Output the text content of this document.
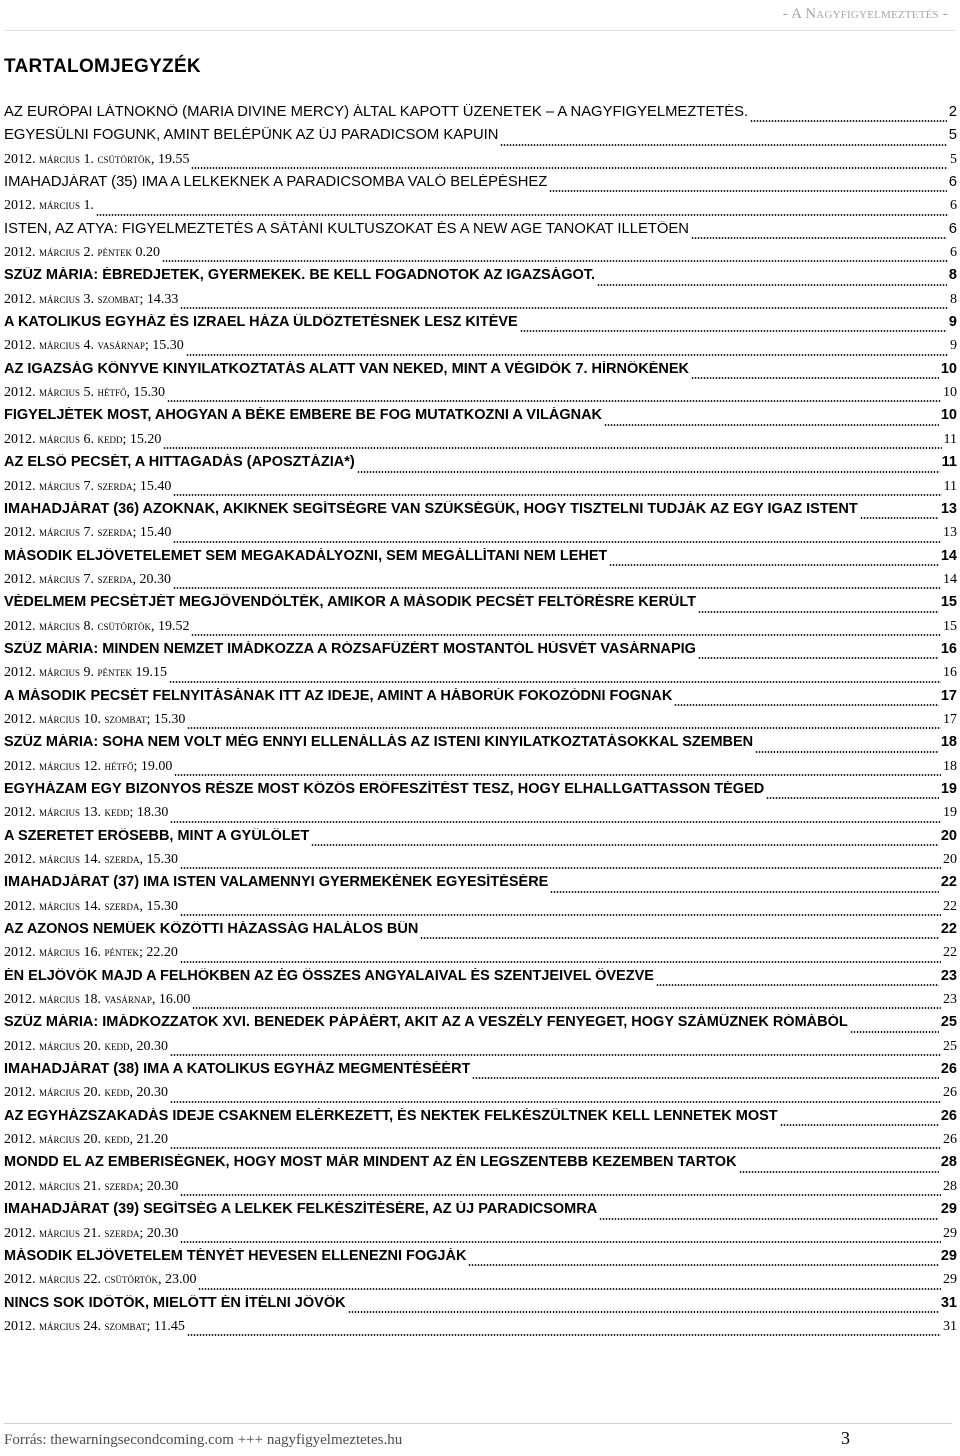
- A Nagyfigyelmeztetés -
TARTALOMJEGYZÉK
AZ EURÓPAI LÁTNOKNŐ (MARIA DIVINE MERCY) ÁLTAL KAPOTT ÜZENETEK – A NAGYFIGYELMEZTETÉS.	2
EGYESÜLNI FOGUNK, AMINT BELÉPÜNK AZ ÚJ PARADICSOM KAPUIN	5
2012. március 1. csütörtök, 19.55	5
IMAHADJÁRAT (35) IMA A LELKEKNEK A PARADICSOMBA VALÓ BELÉPÉSHEZ	6
2012. március 1.	6
ISTEN, AZ ATYA: FIGYELMEZTETÉS A SÁTÁNI KULTUSZOKAT ÉS A NEW AGE TANOKAT ILLETŐEN	6
2012. március 2. péntek 0.20	6
SZŰZ MÁRIA: ÉBREDJETEK, GYERMEKEK. BE KELL FOGADNOTOK AZ IGAZSÁGOT.	8
2012. március 3. szombat; 14.33	8
A KATOLIKUS EGYHÁZ ÉS IZRAEL HÁZA ÜLDÖZTETÉSNEK LESZ KITÉVE	9
2012. március 4. vasárnap; 15.30	9
AZ IGAZSÁG KÖNYVE KINYILATKOZTATÁS ALATT VAN NEKED, MINT A VÉGIDŐK 7. HÍRNÖKÉNEK	10
2012. március 5. hétfő, 15.30	10
FIGYELJÉTEK MOST, AHOGYAN A BÉKE EMBERE BE FOG MUTATKOZNI A VILÁGNAK	10
2012. március 6. kedd; 15.20	11
AZ ELSŐ PECSÉT, A HITTAGADÁS (APOSZTÁZIA*)	11
2012. március 7. szerda; 15.40	11
IMAHADJÁRAT (36) AZOKNAK, AKIKNEK SEGÍTSÉGRE VAN SZÜKSÉGÜK, HOGY TISZTELNI TUDJÁK AZ EGY IGAZ ISTENT	13
2012. március 7. szerda; 15.40	13
MÁSODIK ELJÖVETELEMET SEM MEGAKADÁLYOZNI, SEM MEGÁLLÍTANI NEM LEHET	14
2012. március 7. szerda, 20.30	14
VÉDELMEM PECSÉTJÉT MEGJÖVENDÖLTÉK, AMIKOR A MÁSODIK PECSÉT FELTÖRÉSRE KERÜLT	15
2012. március 8. csütörtök, 19.52	15
SZŰZ MÁRIA: MINDEN NEMZET IMÁDKOZZA A RÓZSAFÜZÉRT MOSTANTÓL HÚSVÉT VASÁRNAPIG	16
2012. március 9. péntek 19.15	16
A MÁSODIK PECSÉT FELNYITÁSÁNAK ITT AZ IDEJE, AMINT A HÁBORÚK FOKOZÓDNI FOGNAK	17
2012. március 10. szombat; 15.30	17
SZŰZ MÁRIA: SOHA NEM VOLT MÉG ENNYI ELLENÁLLÁS AZ ISTENI KINYILATKOZTATÁSOKKAL SZEMBEN	18
2012. március 12. hétfő; 19.00	18
EGYHÁZAM EGY BIZONYOS RÉSZE MOST KÖZÖS ERŐFESZÍTÉST TESZ, HOGY ELHALLGATTASSON TÉGED	19
2012. március 13. kedd; 18.30	19
A SZERETET ERŐSEBB, MINT A GYŰLÖLET	20
2012. március 14. szerda, 15.30	20
IMAHADJÁRAT (37) IMA ISTEN VALAMENNYI GYERMEKÉNEK EGYESÍTÉSÉRE	22
2012. március 14. szerda, 15.30	22
AZ AZONOS NEMŰEK KÖZÖTTI HÁZASSÁG HALÁLOS BŰN	22
2012. március 16. péntek; 22.20	22
ÉN ELJÖVÖK MAJD A FELHŐKBEN AZ ÉG ÖSSZES ANGYALAIVAL ÉS SZENTJEIVEL ÖVEZVE	23
2012. március 18. vasárnap, 16.00	23
SZŰZ MÁRIA: IMÁDKOZZATOK XVI. BENEDEK PÁPÁÉRT, AKIT AZ A VESZÉLY FENYEGET, HOGY SZÁMŰZNEK RÓMÁBÓL	25
2012. március 20. kedd, 20.30	25
IMAHADJÁRAT (38) IMA A KATOLIKUS EGYHÁZ MEGMENTÉSÉÉRT	26
2012. március 20. kedd, 20.30	26
AZ EGYHÁZSZAKADÁS IDEJE CSAKNEM ELÉRKEZETT, ÉS NEKTEK FELKÉSZÜLTNEK KELL LENNETEK MOST	26
2012. március 20. kedd, 21.20	26
MONDD EL AZ EMBERISÉGNEK, HOGY MOST MÁR MINDENT AZ ÉN LEGSZENTEBB KEZEMBEN TARTOK	28
2012. március 21. szerda; 20.30	28
IMAHADJÁRAT (39) SEGÍTSÉG A LELKEK FELKÉSZÍTÉSÉRE, AZ ÚJ PARADICSOMRA	29
2012. március 21. szerda; 20.30	29
MÁSODIK ELJÖVETELEM TÉNYÉT HEVESEN ELLENEZNI FOGJÁK	29
2012. március 22. csütörtök, 23.00	29
NINCS SOK IDŐTÖK, MIELŐTT ÉN ÍTÉLNI JÖVÖK	31
2012. március 24. szombat; 11.45	31
Forrás: thewarningsecondcoming.com +++ nagyfigyelmeztetes.hu	3
